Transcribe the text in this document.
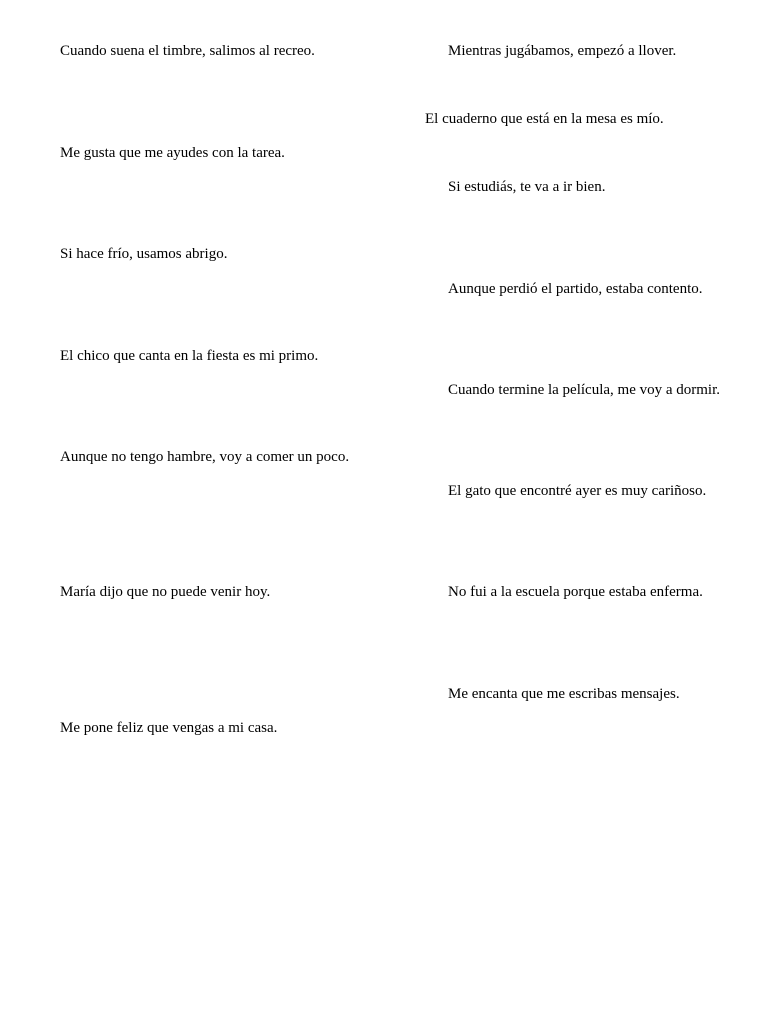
Cuando suena el timbre, salimos al recreo.
Me gusta que me ayudes con la tarea.
Si hace frío, usamos abrigo.
El chico que canta en la fiesta es mi primo.
Aunque no tengo hambre, voy a comer un poco.
María dijo que no puede venir hoy.
Me pone feliz que vengas a mi casa.
Mientras jugábamos, empezó a llover.
El cuaderno que está en la mesa es mío.
Si estudiás, te va a ir bien.
Aunque perdió el partido, estaba contento.
Cuando termine la película, me voy a dormir.
El gato que encontré ayer es muy cariñoso.
No fui a la escuela porque estaba enferma.
Me encanta que me escribas mensajes.
